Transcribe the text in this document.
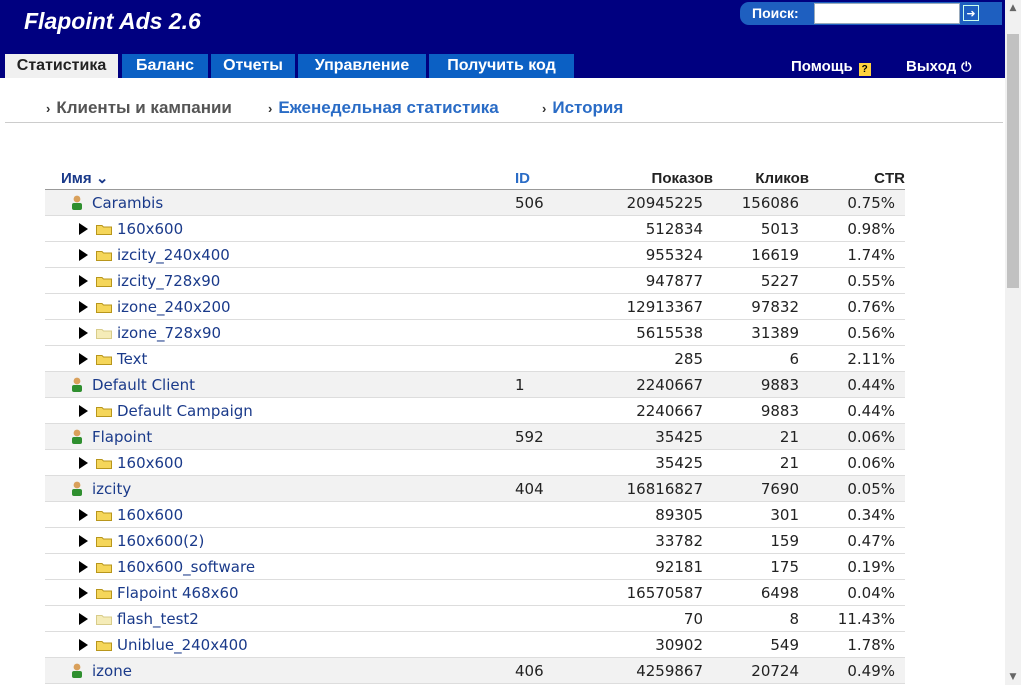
Flapoint Ads 2.6	Поиск:	➜
Статистика	Баланс	Отчеты	Управление	Получить код	Помощь ?	Выход ⏻
› Клиенты и кампании	› Еженедельная статистика	› История
Имя ⌄	ID	Показов	Кликов	CTR
Carambis	506	20945225	156086	0.75%
160x600		512834	5013	0.98%
izcity_240x400		955324	16619	1.74%
izcity_728x90		947877	5227	0.55%
izone_240x200		12913367	97832	0.76%
izone_728x90		5615538	31389	0.56%
Text		285	6	2.11%
Default Client	1	2240667	9883	0.44%
Default Campaign		2240667	9883	0.44%
Flapoint	592	35425	21	0.06%
160x600		35425	21	0.06%
izcity	404	16816827	7690	0.05%
160x600		89305	301	0.34%
160x600(2)		33782	159	0.47%
160x600_software		92181	175	0.19%
Flapoint 468x60		16570587	6498	0.04%
flash_test2		70	8	11.43%
Uniblue_240x400		30902	549	1.78%
izone	406	4259867	20724	0.49%
▲
▼
